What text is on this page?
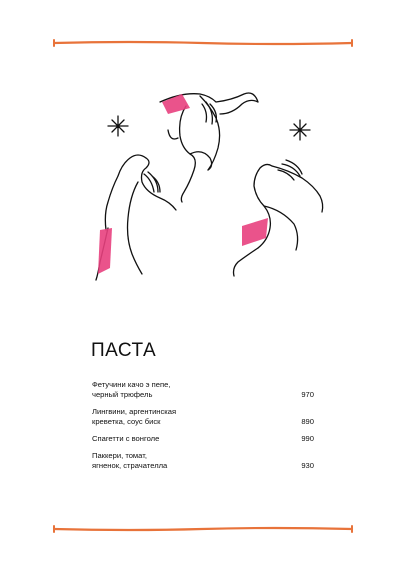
ПАСТА
Фетучини качо э пепе,
черный трюфель	970
Лингвини, аргентинская
креветка, соус биск	890
Спагетти с вонголе	990
Паккери, томат,
ягненок, страчателла	930
